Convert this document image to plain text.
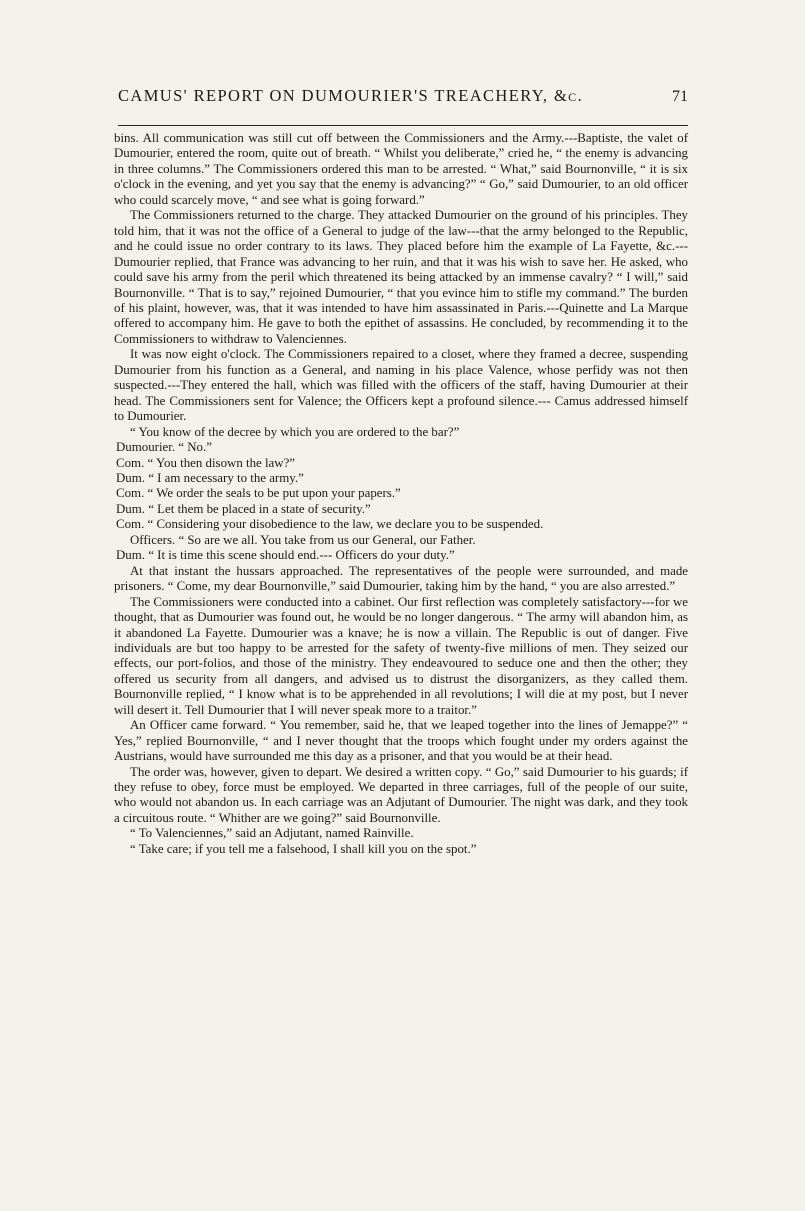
CAMUS' REPORT ON DUMOURIER'S TREACHERY, &c.	71

bins. All communication was still cut off between the Commissioners and the Army.---Baptiste, the valet of Dumourier, entered the room, quite out of breath. “ Whilst you deliberate,” cried he, “ the enemy is advancing in three columns.” The Commissioners ordered this man to be arrested. “ What,” said Bournonville, “ it is six o'clock in the evening, and yet you say that the enemy is advancing?” “ Go,” said Dumourier, to an old officer who could scarcely move, “ and see what is going forward.”

The Commissioners returned to the charge. They attacked Dumourier on the ground of his principles. They told him, that it was not the office of a General to judge of the law---that the army belonged to the Republic, and he could issue no order contrary to its laws. They placed before him the example of La Fayette, &c.---Dumourier replied, that France was advancing to her ruin, and that it was his wish to save her. He asked, who could save his army from the peril which threatened its being attacked by an immense cavalry? “ I will,” said Bournonville. “ That is to say,” rejoined Dumourier, “ that you evince him to stifle my command.” The burden of his plaint, however, was, that it was intended to have him assassinated in Paris.---Quinette and La Marque offered to accompany him. He gave to both the epithet of assassins. He concluded, by recommending it to the Commissioners to withdraw to Valenciennes.

It was now eight o'clock. The Commissioners repaired to a closet, where they framed a decree, suspending Dumourier from his function as a General, and naming in his place Valence, whose perfidy was not then suspected.---They entered the hall, which was filled with the officers of the staff, having Dumourier at their head. The Commissioners sent for Valence; the Officers kept a profound silence.--- Camus addressed himself to Dumourier.

“ You know of the decree by which you are ordered to the bar?”

Dumourier. “ No.”

Com. “ You then disown the law?”

Dum. “ I am necessary to the army.”

Com. “ We order the seals to be put upon your papers.”

Dum. “ Let them be placed in a state of security.”

Com. “ Considering your disobedience to the law, we declare you to be suspended.

Officers. “ So are we all. You take from us our General, our Father.

Dum. “ It is time this scene should end.--- Officers do your duty.”

At that instant the hussars approached. The representatives of the people were surrounded, and made prisoners. “ Come, my dear Bournonville,” said Dumourier, taking him by the hand, “ you are also arrested.”

The Commissioners were conducted into a cabinet. Our first reflection was completely satisfactory---for we thought, that as Dumourier was found out, he would be no longer dangerous. “ The army will abandon him, as it abandoned La Fayette. Dumourier was a knave; he is now a villain. The Republic is out of danger. Five individuals are but too happy to be arrested for the safety of twenty-five millions of men. They seized our effects, our port-folios, and those of the ministry. They endeavoured to seduce one and then the other; they offered us security from all dangers, and advised us to distrust the disorganizers, as they called them. Bournonville replied, “ I know what is to be apprehended in all revolutions; I will die at my post, but I never will desert it. Tell Dumourier that I will never speak more to a traitor.”

An Officer came forward. “ You remember, said he, that we leaped together into the lines of Jemappe?” “ Yes,” replied Bournonville, “ and I never thought that the troops which fought under my orders against the Austrians, would have surrounded me this day as a prisoner, and that you would be at their head.

The order was, however, given to depart. We desired a written copy. “ Go,” said Dumourier to his guards; if they refuse to obey, force must be employed. We departed in three carriages, full of the people of our suite, who would not abandon us. In each carriage was an Adjutant of Dumourier. The night was dark, and they took a circuitous route. “ Whither are we going?” said Bournonville.

“ To Valenciennes,” said an Adjutant, named Rainville.

“ Take care; if you tell me a falsehood, I shall kill you on the spot.”
